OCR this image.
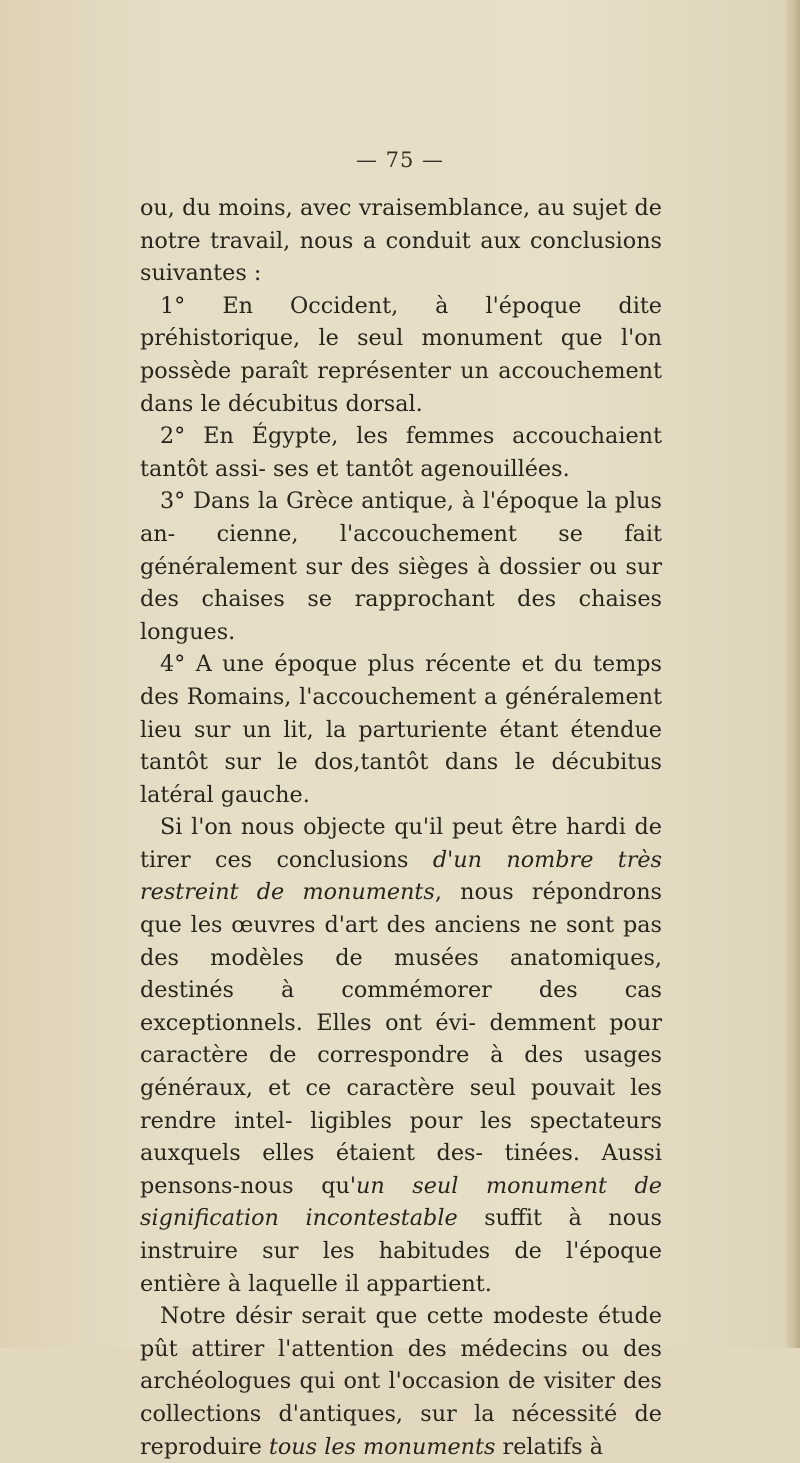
— 75 —

ou, du moins, avec vraisemblance, au sujet de notre travail, nous a conduit aux conclusions suivantes :

1° En Occident, à l'époque dite préhistorique, le seul monument que l'on possède paraît représenter un accouchement dans le décubitus dorsal.

2° En Égypte, les femmes accouchaient tantôt assi- ses et tantôt agenouillées.

3° Dans la Grèce antique, à l'époque la plus an- cienne, l'accouchement se fait généralement sur des sièges à dossier ou sur des chaises se rapprochant des chaises longues.

4° A une époque plus récente et du temps des Romains, l'accouchement a généralement lieu sur un lit, la parturiente étant étendue tantôt sur le dos,tantôt dans le décubitus latéral gauche.

Si l'on nous objecte qu'il peut être hardi de tirer ces conclusions d'un nombre très restreint de monuments, nous répondrons que les œuvres d'art des anciens ne sont pas des modèles de musées anatomiques, destinés à commémorer des cas exceptionnels. Elles ont évi- demment pour caractère de correspondre à des usages généraux, et ce caractère seul pouvait les rendre intel- ligibles pour les spectateurs auxquels elles étaient des- tinées. Aussi pensons-nous qu'un seul monument de signification incontestable suffit à nous instruire sur les habitudes de l'époque entière à laquelle il appartient.

Notre désir serait que cette modeste étude pût attirer l'attention des médecins ou des archéologues qui ont l'occasion de visiter des collections d'antiques, sur la nécessité de reproduire tous les monuments relatifs à
